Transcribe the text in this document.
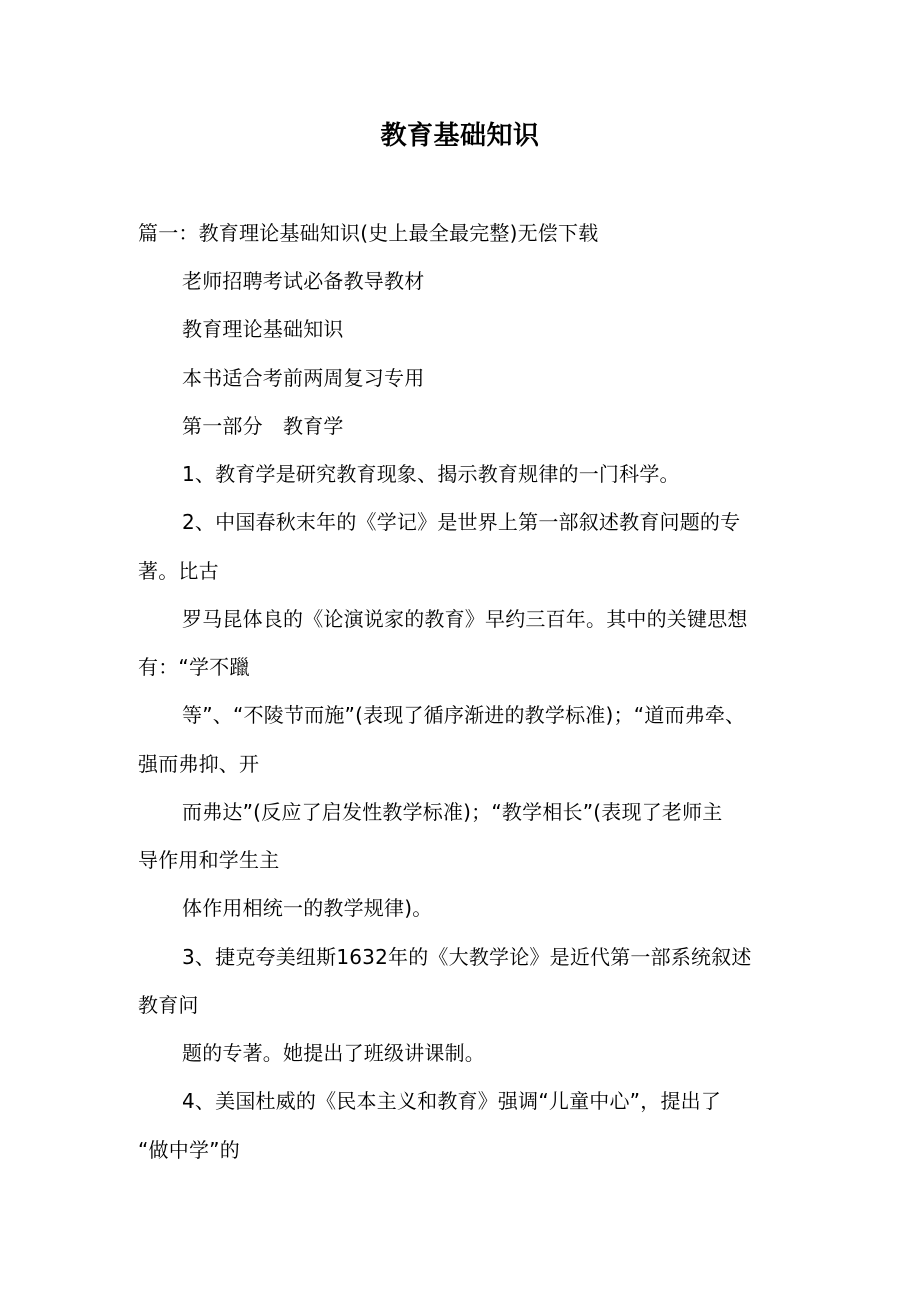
教育基础知识
篇一：教育理论基础知识(史上最全最完整)无偿下载
老师招聘考试必备教导教材
教育理论基础知识
本书适合考前两周复习专用
第一部分　教育学
1、教育学是研究教育现象、揭示教育规律的一门科学。
2、中国春秋末年的《学记》是世界上第一部叙述教育问题的专
著。比古
罗马昆体良的《论演说家的教育》早约三百年。其中的关键思想
有：“学不躐
等”、“不陵节而施”(表现了循序渐进的教学标准)；“道而弗牵、
强而弗抑、开
而弗达”(反应了启发性教学标准)；“教学相长”(表现了老师主
导作用和学生主
体作用相统一的教学规律)。
3、捷克夸美纽斯1632年的《大教学论》是近代第一部系统叙述
教育问
题的专著。她提出了班级讲课制。
4、美国杜威的《民本主义和教育》强调“儿童中心”，提出了
“做中学”的
